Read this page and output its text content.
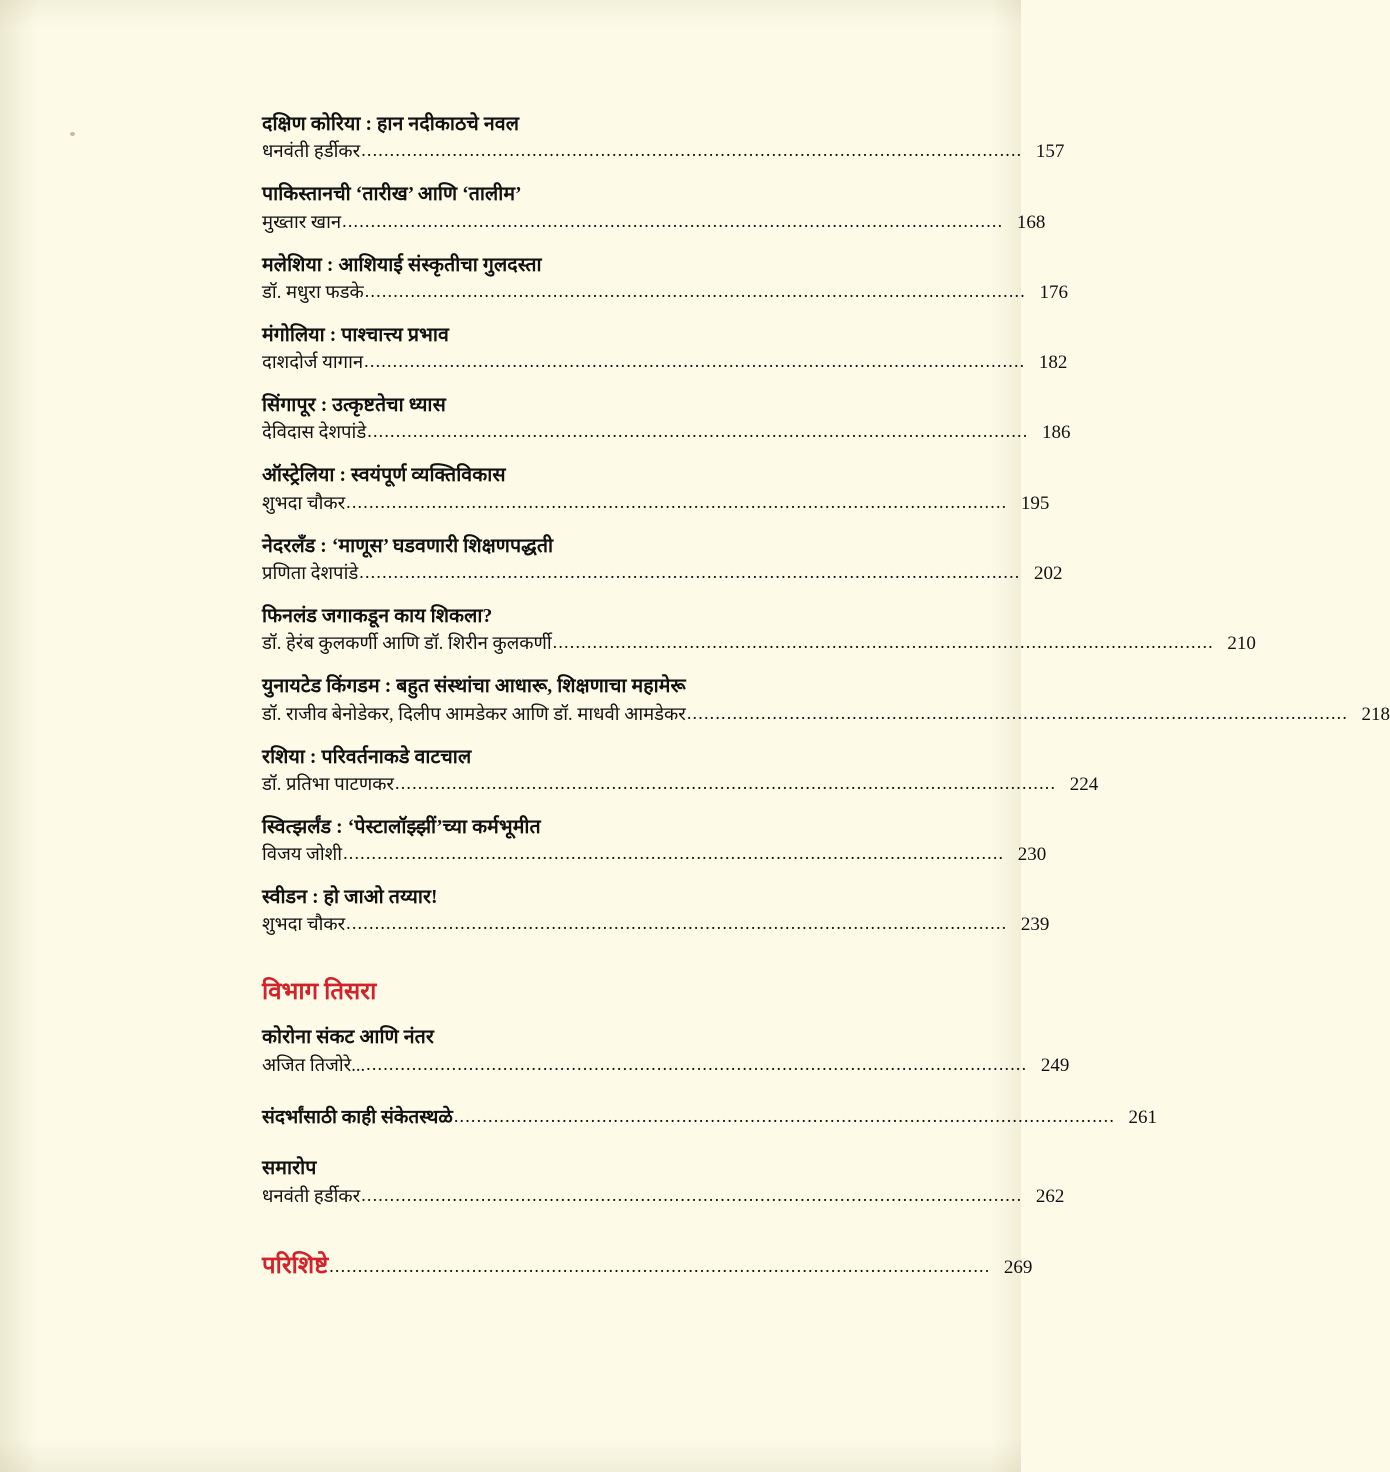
दक्षिण कोरिया : हान नदीकाठचे नवल
धनवंती हर्डीकर .................................................................................................................... 157
पाकिस्तानची ‘तारीख’ आणि ‘तालीम’
मुख्तार खान .................................................................................................................... 168
मलेशिया : आशियाई संस्कृतीचा गुलदस्ता
डॉ. मधुरा फडके .................................................................................................................... 176
मंगोलिया : पाश्चात्त्य प्रभाव
दाशदोर्ज यागान .................................................................................................................... 182
सिंगापूर : उत्कृष्टतेचा ध्यास
देविदास देशपांडे .................................................................................................................... 186
ऑस्ट्रेलिया : स्वयंपूर्ण व्यक्तिविकास
शुभदा चौकर .................................................................................................................... 195
नेदरलँड : ‘माणूस’ घडवणारी शिक्षणपद्धती
प्रणिता देशपांडे .................................................................................................................... 202
फिनलंड जगाकडून काय शिकला?
डॉ. हेरंब कुलकर्णी आणि डॉ. शिरीन कुलकर्णी .................................................................................................................... 210
युनायटेड किंगडम : बहुत संस्थांचा आधारू, शिक्षणाचा महामेरू
डॉ. राजीव बेनोडेकर, दिलीप आमडेकर आणि डॉ. माधवी आमडेकर .................................................................................................................... 218
रशिया : परिवर्तनाकडे वाटचाल
डॉ. प्रतिभा पाटणकर .................................................................................................................... 224
स्वित्झर्लंड : ‘पेस्टालॉझ्झीं’च्या कर्मभूमीत
विजय जोशी .................................................................................................................... 230
स्वीडन : हो जाओ तय्यार!
शुभदा चौकर .................................................................................................................... 239
विभाग तिसरा
कोरोना संकट आणि नंतर
अजित तिजोरे... .................................................................................................................... 249
संदर्भांसाठी काही संकेतस्थळे .................................................................................................................... 261
समारोप
धनवंती हर्डीकर .................................................................................................................... 262
परिशिष्टे .................................................................................................................... 269
